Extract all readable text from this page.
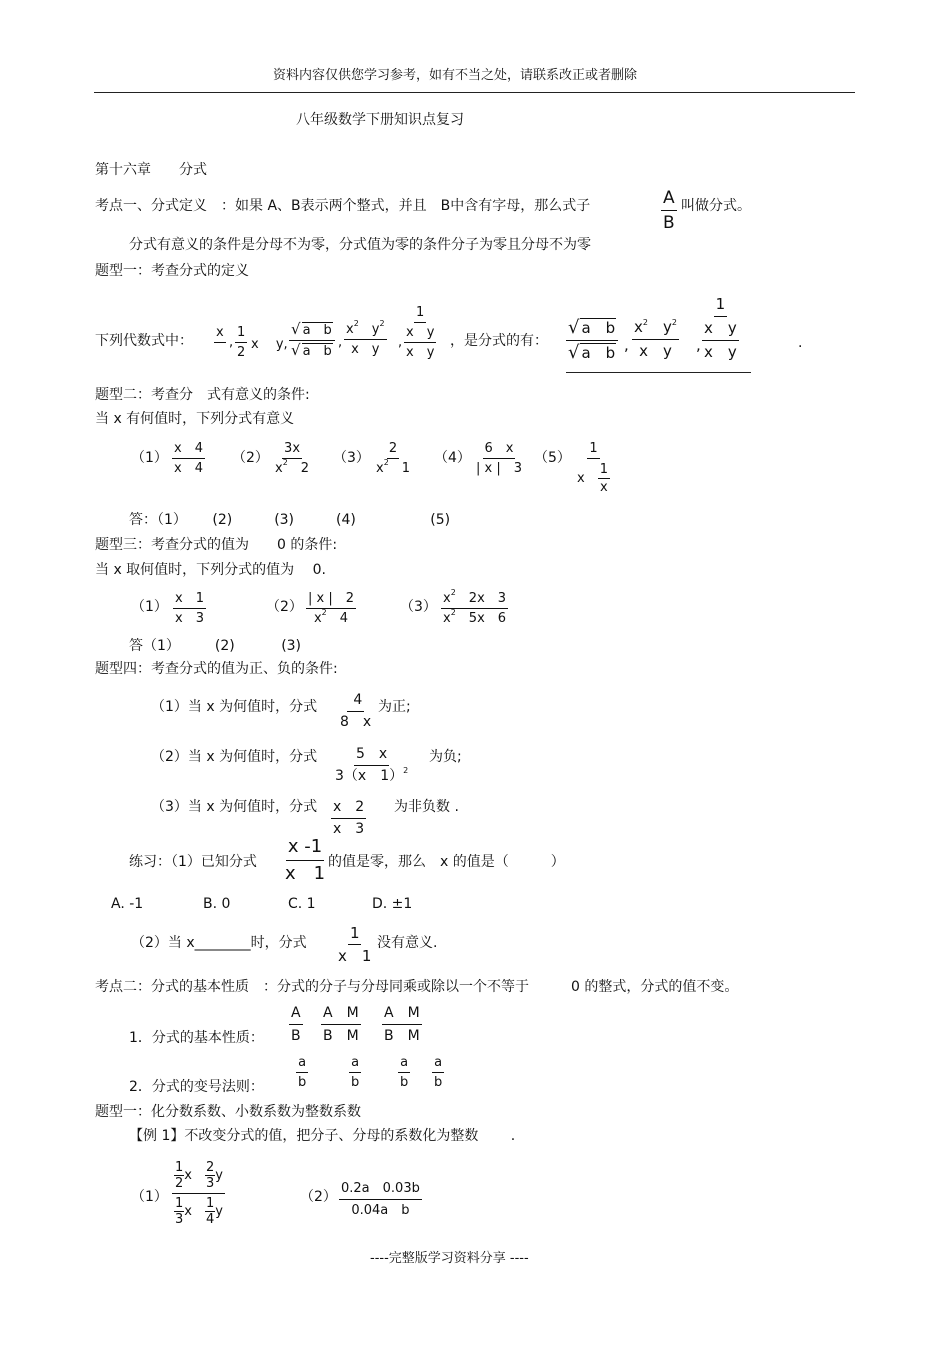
资料内容仅供您学习参考，如有不当之处，请联系改正或者删除
八年级数学下册知识点复习
第十六章　　分式
考点一、分式定义　：如果 A、B表示两个整式，并且　B中含有字母，那么式子	$\frac{A}{B}$ 叫做分式。
分式有意义的条件是分母不为零，分式值为零的条件分子为零且分母不为零
题型一：考查分式的定义
下列代数式中：
x

, $\frac{1}{2}$ x　 y, $\frac{\text{√ a　b}}{\text{√ a　b}}$ , $\frac{x^2 y^2}{\text{x　y}}$ , 1
x　y
x　y ，是分式的有： $\frac{\text{√ a　b}}{\text{√ a　b}}$ , $\frac{x^2 y^2}{\text{x　y}}$ , 1
x　y
x　y	.
题型二：考查分　式有意义的条件:
当 x 有何值时，下列分式有意义
$(1) \frac{x 4}{x 4} (2) \frac{3x}{x^2 2} (3) \frac{2}{x^2 1} (4) \frac{6 x}{| x | 3} (5)$ 1
x　
1
x
答：（1）　　 (2)　　　(3)　　　(4)　　　　　 (5)
题型三：考查分式的值为　　0 的条件:
当 x 取何值时，下列分式的值为　 0.
$(1) \frac{x 1}{x 3}$	$(2) \frac{| x | 2}{x^2 4}$	$(3) \frac{x^2 2x 3}{x^2 5x 6}$
答（1）　　　(2)　　　 (3)
题型四：考查分式的值为正、负的条件:
（1）当 x 为何值时，分式 $\frac{4}{8 x}$ 为正;
（2）当 x 为何值时，分式 $\frac{5 x}{3(x 1)^2}$ 为负;
（3）当 x 为何值时，分式 $\frac{x 2}{x 3}$ 为非负数 .
练习：（1）已知分式 $\frac{x -1}{x 1}$ 的值是零，那么　x 的值是（　　　）
A. -1	B. 0	C. 1	D. ±1
（2）当 x________时，分式 $\frac{1}{x 1}$ 没有意义.
考点二：分式的基本性质　：分式的分子与分母同乘或除以一个不等于　　　0 的整式，分式的值不变。
1．分式的基本性质： $\frac{A}{B} \frac{\text{A　M}}{\text{B　M}} \frac{\text{A　M}}{\text{B　M}}$
2．分式的变号法则： $\frac{a}{b}$	$\frac{a}{b}$	$\frac{a}{b} \frac{a}{b}$
题型一：化分数系数、小数系数为整数系数
【例 1】不改变分式的值，把分子、分母的系数化为整数　　 .
（1） 1
2
x　
2
3
y
1
3
x　
1
4
y	$(2) \frac{0.2a 0.03b}{\text{0.04a　b}}$
----完整版学习资料分享 ----
